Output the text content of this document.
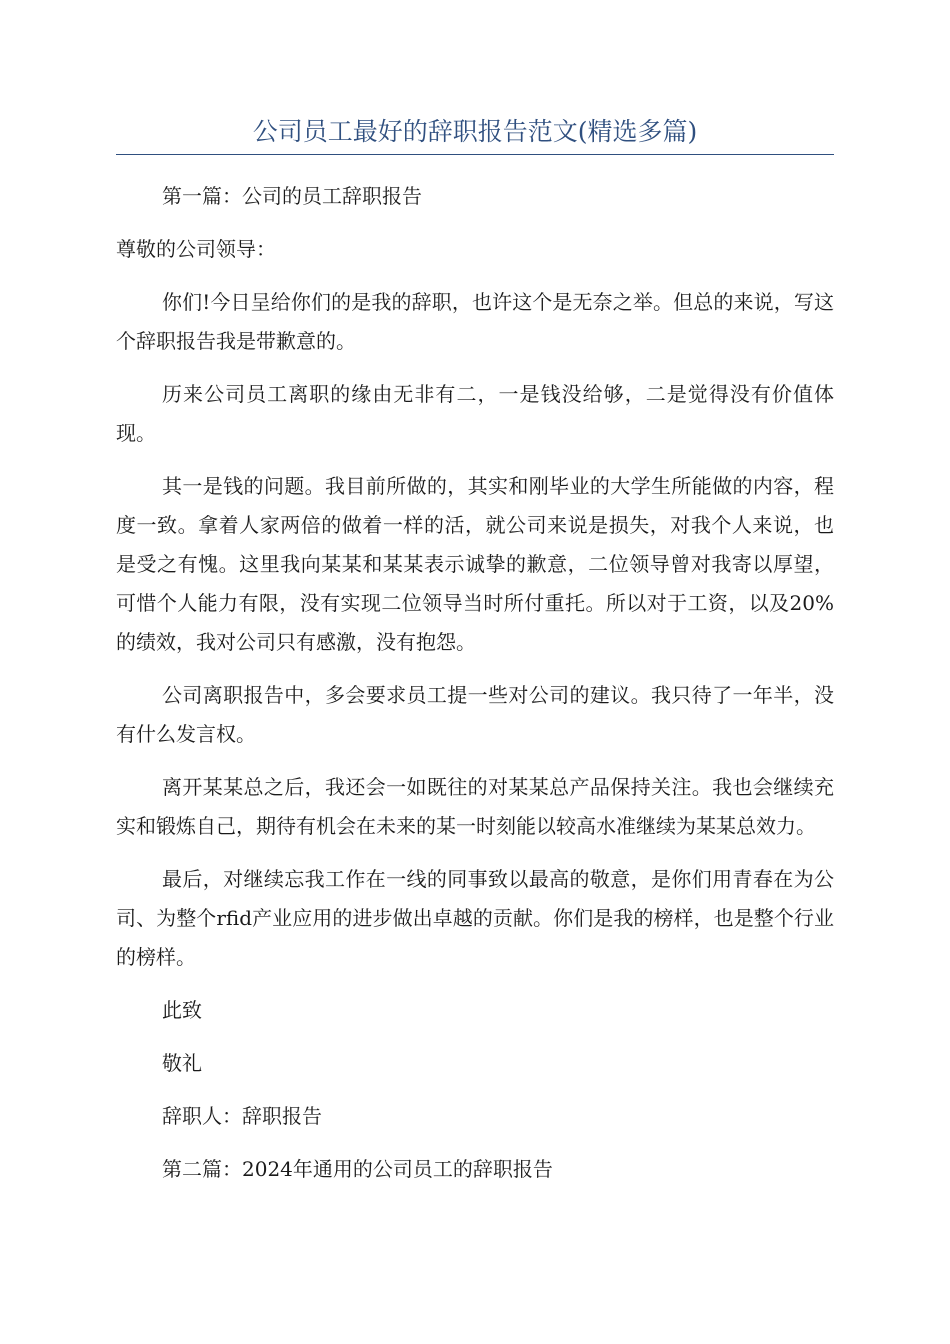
公司员工最好的辞职报告范文(精选多篇)

第一篇：公司的员工辞职报告

尊敬的公司领导：

你们!今日呈给你们的是我的辞职，也许这个是无奈之举。但总的来说，写这个辞职报告我是带歉意的。

历来公司员工离职的缘由无非有二，一是钱没给够，二是觉得没有价值体现。

其一是钱的问题。我目前所做的，其实和刚毕业的大学生所能做的内容，程度一致。拿着人家两倍的做着一样的活，就公司来说是损失，对我个人来说，也是受之有愧。这里我向某某和某某表示诚挚的歉意，二位领导曾对我寄以厚望，可惜个人能力有限，没有实现二位领导当时所付重托。所以对于工资，以及20%的绩效，我对公司只有感激，没有抱怨。

公司离职报告中，多会要求员工提一些对公司的建议。我只待了一年半，没有什么发言权。

离开某某总之后，我还会一如既往的对某某总产品保持关注。我也会继续充实和锻炼自己，期待有机会在未来的某一时刻能以较高水准继续为某某总效力。

最后，对继续忘我工作在一线的同事致以最高的敬意，是你们用青春在为公司、为整个rfid产业应用的进步做出卓越的贡献。你们是我的榜样，也是整个行业的榜样。

此致

敬礼

辞职人：辞职报告

第二篇：2024年通用的公司员工的辞职报告
